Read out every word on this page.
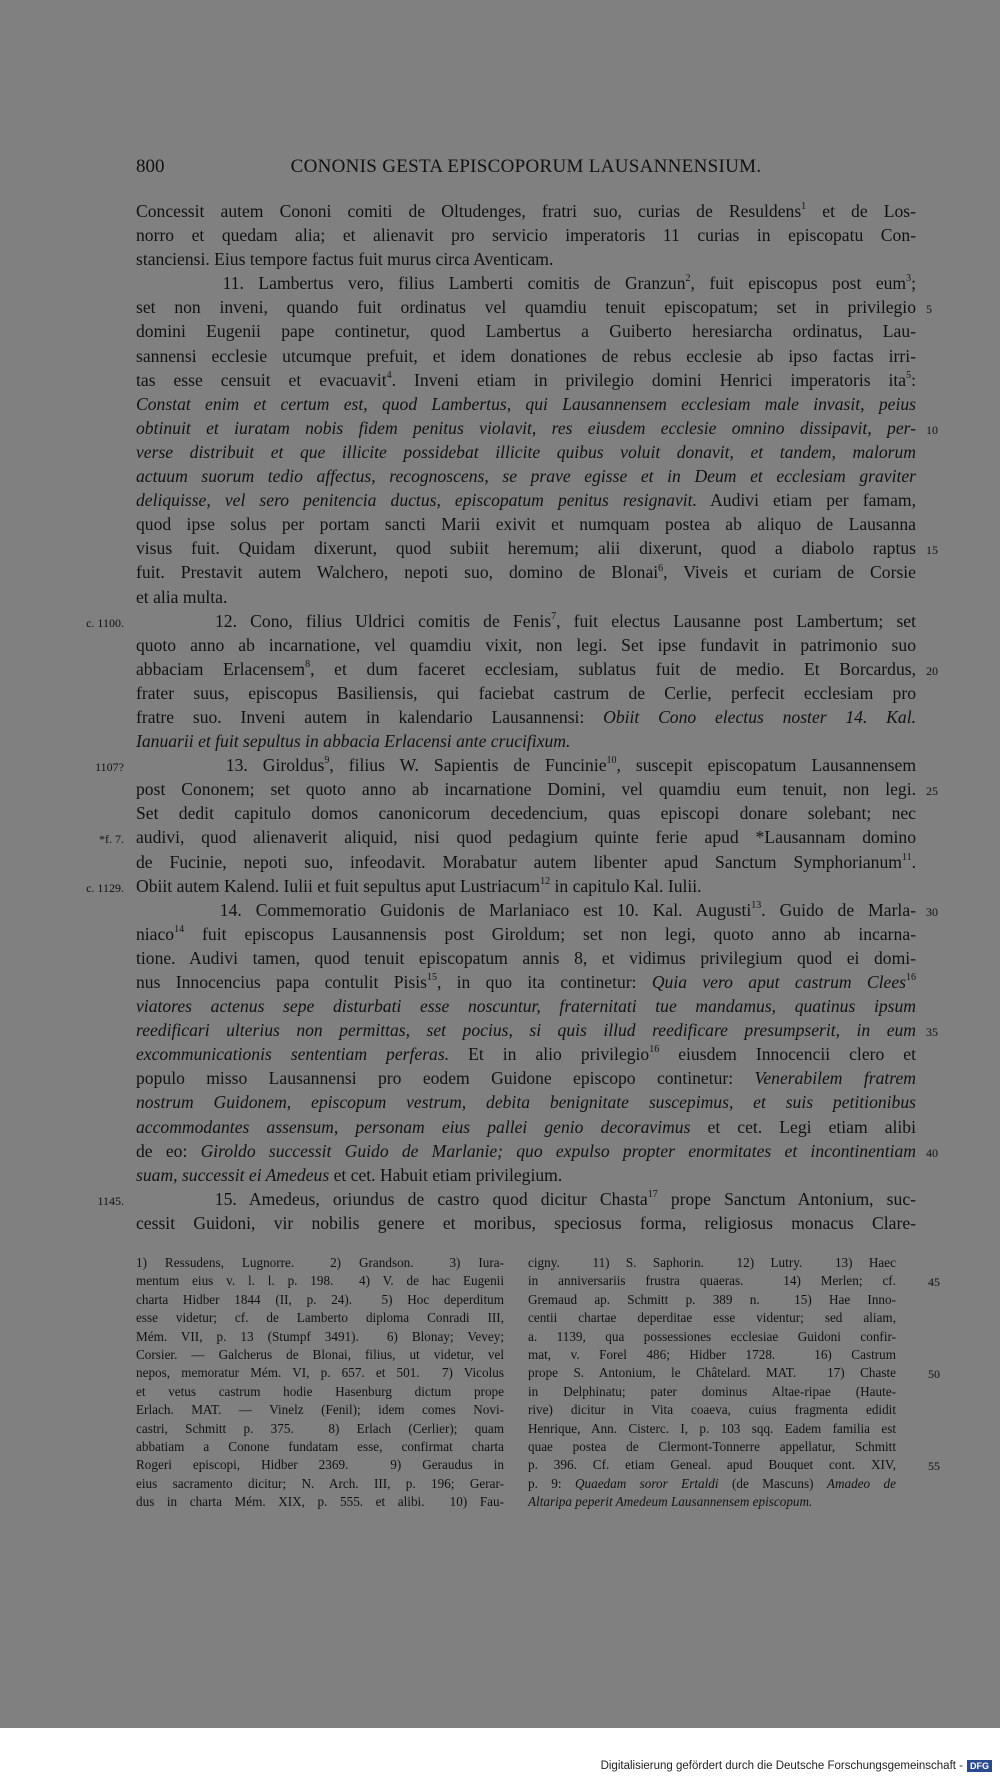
800	CONONIS GESTA EPISCOPORUM LAUSANNENSIUM.
Concessit autem Cononi comiti de Oltudenges, fratri suo, curias de Resuldens$^1$ et de Los-
norro et quedam alia; et alienavit pro servicio imperatoris 11 curias in episcopatu Con-
stanciensi. Eius tempore factus fuit murus circa Aventicam.
11. Lambertus vero, filius Lamberti comitis de Granzun$^2$, fuit episcopus post eum$^3$;
set non inveni, quando fuit ordinatus vel quamdiu tenuit episcopatum; set in privilegio 5
domini Eugenii pape continetur, quod Lambertus a Guiberto heresiarcha ordinatus, Lau-
sannensi ecclesie utcumque prefuit, et idem donationes de rebus ecclesie ab ipso factas irri-
tas esse censuit et evacuavit$^4$. Inveni etiam in privilegio domini Henrici imperatoris ita$^5$:
Constat enim et certum est, quod Lambertus, qui Lausannensem ecclesiam male invasit, peius
obtinuit et iuratam nobis fidem penitus violavit, res eiusdem ecclesie omnino dissipavit, per- 10
verse distribuit et que illicite possidebat illicite quibus voluit donavit, et tandem, malorum
actuum suorum tedio affectus, recognoscens, se prave egisse et in Deum et ecclesiam graviter
deliquisse, vel sero penitencia ductus, episcopatum penitus resignavit. Audivi etiam per famam,
quod ipse solus per portam sancti Marii exivit et numquam postea ab aliquo de Lausanna
visus fuit. Quidam dixerunt, quod subiit heremum; alii dixerunt, quod a diabolo raptus 15
fuit. Prestavit autem Walchero, nepoti suo, domino de Blonai$^6$, Viveis et curiam de Corsie
et alia multa.
12. Cono, filius Uldrici comitis de Fenis$^7$, fuit electus Lausanne post Lambertum; set
c. 1100.
quoto anno ab incarnatione, vel quamdiu vixit, non legi. Set ipse fundavit in patrimonio suo
abbaciam Erlacensem$^8$, et dum faceret ecclesiam, sublatus fuit de medio. Et Borcardus, 20
frater suus, episcopus Basiliensis, qui faciebat castrum de Cerlie, perfecit ecclesiam pro
fratre suo. Inveni autem in kalendario Lausannensi: Obiit Cono electus noster 14. Kal.
Ianuarii et fuit sepultus in abbacia Erlacensi ante crucifixum.
13. Giroldus$^9$, filius W. Sapientis de Funcinie$^{10}$, suscepit episcopatum Lausannensem
1107?
post Cononem; set quoto anno ab incarnatione Domini, vel quamdiu eum tenuit, non legi. 25
Set dedit capitulo domos canonicorum decedencium, quas episcopi donare solebant; nec
audivi, quod alienaverit aliquid, nisi quod pedagium quinte ferie apud *Lausannam domino
*f. 7.
de Fucinie, nepoti suo, infeodavit. Morabatur autem libenter apud Sanctum Symphorianum$^{11}$.
Obiit autem Kalend. Iulii et fuit sepultus aput Lustriacum$^{12}$ in capitulo Kal. Iulii.
c. 1129.
14. Commemoratio Guidonis de Marlaniaco est 10. Kal. Augusti$^{13}$. Guido de Marla- 30
niaco$^{14}$ fuit episcopus Lausannensis post Giroldum; set non legi, quoto anno ab incarna-
tione. Audivi tamen, quod tenuit episcopatum annis 8, et vidimus privilegium quod ei domi-
nus Innocencius papa contulit Pisis$^{15}$, in quo ita continetur: Quia vero aput castrum Clees$^{16}$
viatores actenus sepe disturbati esse noscuntur, fraternitati tue mandamus, quatinus ipsum
reedificari ulterius non permittas, set pocius, si quis illud reedificare presumpserit, in eum 35
excommunicationis sententiam perferas. Et in alio privilegio$^{16}$ eiusdem Innocencii clero et
populo misso Lausannensi pro eodem Guidone episcopo continetur: Venerabilem fratrem
nostrum Guidonem, episcopum vestrum, debita benignitate suscepimus, et suis petitionibus
accommodantes assensum, personam eius pallei genio decoravimus et cet. Legi etiam alibi
de eo: Giroldo successit Guido de Marlanie; quo expulso propter enormitates et incontinentiam 40
suam, successit ei Amedeus et cet. Habuit etiam privilegium.
15. Amedeus, oriundus de castro quod dicitur Chasta$^{17}$ prope Sanctum Antonium, suc-
1145.
cessit Guidoni, vir nobilis genere et moribus, speciosus forma, religiosus monacus Clare-
1) Ressudens, Lugnorre.  2) Grandson.  3) Iura-
mentum eius v. l. l. p. 198.  4) V. de hac Eugenii
charta Hidber 1844 (II, p. 24).  5) Hoc deperditum
esse videtur; cf. de Lamberto diploma Conradi III,
Mém. VII, p. 13 (Stumpf 3491).  6) Blonay; Vevey;
Corsier. — Galcherus de Blonai, filius, ut videtur, vel
nepos, memoratur Mém. VI, p. 657. et 501.  7) Vicolus
et vetus castrum hodie Hasenburg dictum prope
Erlach. MAT. — Vinelz (Fenil); idem comes Novi-
castri, Schmitt p. 375.  8) Erlach (Cerlier); quam
abbatiam a Conone fundatam esse, confirmat charta
Rogeri episcopi, Hidber 2369.  9) Geraudus in
eius sacramento dicitur; N. Arch. III, p. 196; Gerar-
dus in charta Mém. XIX, p. 555. et alibi.  10) Fau-
cigny.  11) S. Saphorin.  12) Lutry.  13) Haec
in anniversariis frustra quaeras.  14) Merlen; cf.	45
Gremaud ap. Schmitt p. 389 n.  15) Hae Inno-
centii chartae deperditae esse videntur; sed aliam,
a. 1139, qua possessiones ecclesiae Guidoni confir-
mat, v. Forel 486; Hidber 1728.  16) Castrum
prope S. Antonium, le Châtelard. MAT.  17) Chaste	50
in Delphinatu; pater dominus Altae-ripae (Haute-
rive) dicitur in Vita coaeva, cuius fragmenta edidit
Henrique, Ann. Cisterc. I, p. 103 sqq. Eadem familia est
quae postea de Clermont-Tonnerre appellatur, Schmitt
p. 396. Cf. etiam Geneal. apud Bouquet cont. XIV,	55
p. 9: Quaedam soror Ertaldi (de Mascuns) Amadeo de
Altaripa peperit Amedeum Lausannensem episcopum.
Digitalisierung gefördert durch die Deutsche Forschungsgemeinschaft - DFG
